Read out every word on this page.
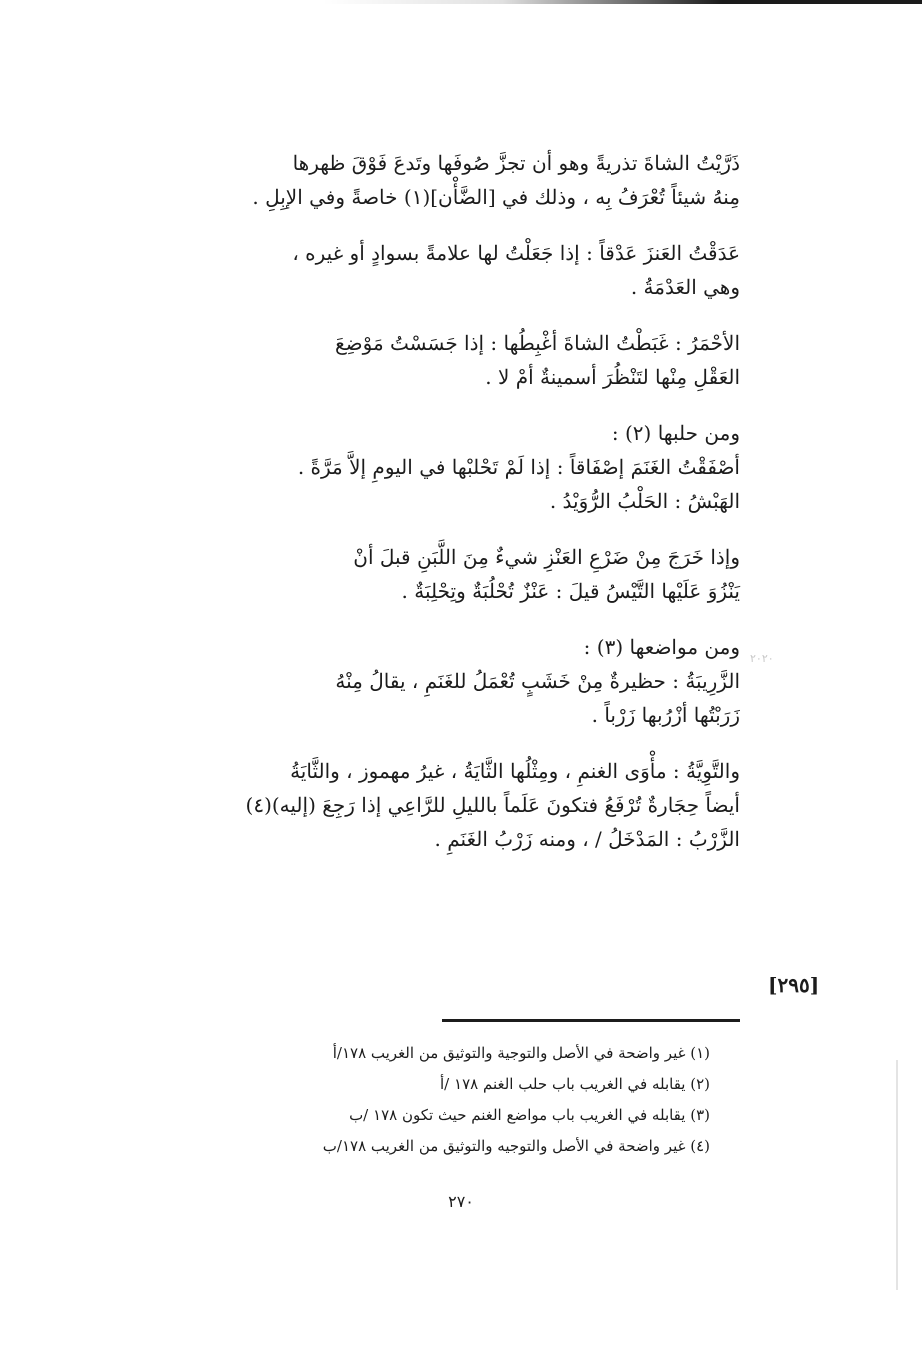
ذَرَّيْتُ الشاةَ تذريةً وهو أن تجزَّ صُوفَها وتَدعَ فَوْقَ ظهرها
مِنهُ شيئاً تُعْرَفُ بِه ، وذلك في [الضَّأْن](١) خاصةً وفي الإبِلِ .
عَدَقْتُ العَنزَ عَدْقاً : إذا جَعَلْتُ لها علامةً بسوادٍ أو غيره ،
وهي العَدْمَةُ .
الأحْمَرُ : غَبَطْتُ الشاةَ أغْبِطُها : إذا جَسَسْتُ مَوْضِعَ
العَقْلِ مِنْها لتَنْظُرَ أسمينةٌ أمْ لا .
ومن حلبها (٢) :
أصْفَقْتُ الغَنَمَ إصْفَاقاً : إذا لَمْ تَحْلبْها في اليومِ إلاَّ مَرَّةً .
الهَبْشُ : الحَلْبُ الرُّوَيْدُ .
وإذا خَرَجَ مِنْ ضَرْعِ العَنْزِ شيءٌ مِنَ اللَّبَنِ قبلَ أنْ
يَنْزُوَ عَلَيْها التَّيْسُ قيلَ : عَنْزٌ تُحْلُبَةٌ وتِحْلِبَةٌ .
ومن مواضعها (٣) :
الزَّرِيبَةُ : حظيرةٌ مِنْ خَشَبٍ تُعْمَلُ للغَنَمِ ، يقالُ مِنْهُ
زَرَبْتُها أزْرُبها زَرْباً .
والتَّوِيَّةُ : مأْوَى الغنمِ ، ومِثْلُها الثَّايَةُ ، غيرُ مهموز ، والثَّايَةُ
أيضاً حِجَارةٌ تُرْفَعُ فتكونَ عَلَماً بالليلِ للرَّاعِي إذا رَجِعَ (إليه)(٤)
الزَّرْبُ : المَدْخَلُ / ، ومنه زَرْبُ الغَنَمِ .
٢٠٢٠
[٢٩٥]
(١) غير واضحة في الأصل والتوجية والتوثيق من الغريب ١٧٨/أ
(٢) يقابله في الغريب باب حلب الغنم ١٧٨ /أ
(٣) يقابله في الغريب باب مواضع الغنم حيث تكون ١٧٨ /ب
(٤) غير واضحة في الأصل والتوجيه والتوثيق من الغريب ١٧٨/ب
٢٧٠
